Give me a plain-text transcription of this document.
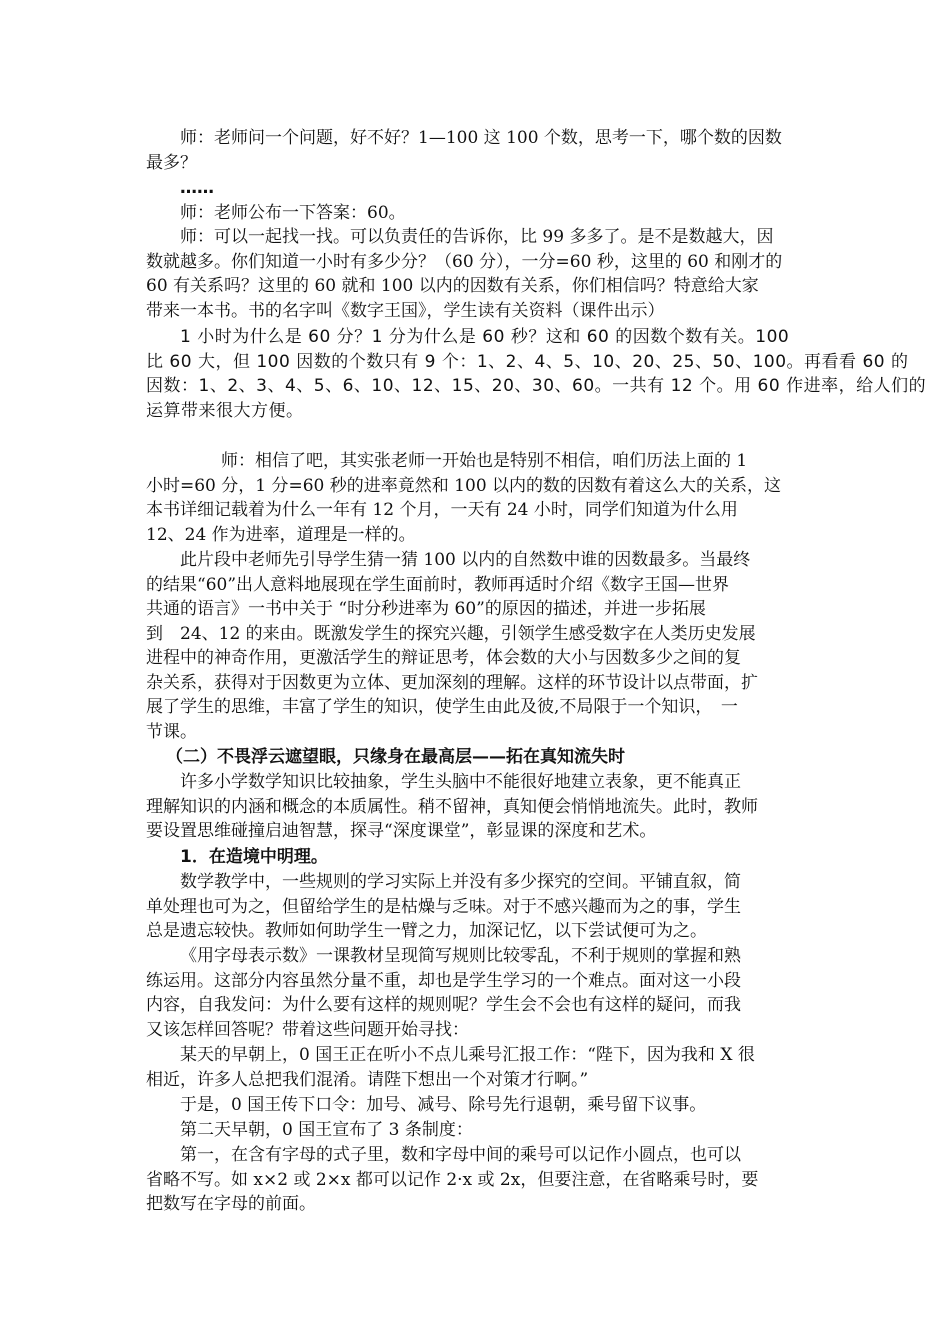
师：老师问一个问题，好不好？1—100 这 100 个数，思考一下，哪个数的因数
最多？

……

师：老师公布一下答案：60。

师：可以一起找一找。可以负责任的告诉你，比 99 多多了。是不是数越大，因
数就越多。你们知道一小时有多少分？（60 分），一分=60 秒，这里的 60 和刚才的
60 有关系吗？这里的 60 就和 100 以内的因数有关系，你们相信吗？特意给大家
带来一本书。书的名字叫《数字王国》，学生读有关资料（课件出示）

1 小时为什么是 60 分？1 分为什么是 60 秒？这和 60 的因数个数有关。100
比 60 大，但 100 因数的个数只有 9 个：1、2、4、5、10、20、25、50、100。再看看 60 的
因数：1、2、3、4、5、6、10、12、15、20、30、60。一共有 12 个。用 60 作进率，给人们的
运算带来很大方便。

师：相信了吧，其实张老师一开始也是特别不相信，咱们历法上面的 1
小时=60 分，1 分=60 秒的进率竟然和 100 以内的数的因数有着这么大的关系，这
本书详细记载着为什么一年有 12 个月，一天有 24 小时，同学们知道为什么用
12、24 作为进率，道理是一样的。

此片段中老师先引导学生猜一猜 100 以内的自然数中谁的因数最多。当最终
的结果“60”出人意料地展现在学生面前时，教师再适时介绍《数字王国—世界
共通的语言》一书中关于 “时分秒进率为 60”的原因的描述，并进一步拓展
到　24、12 的来由。既激发学生的探究兴趣，引领学生感受数字在人类历史发展
进程中的神奇作用，更激活学生的辩证思考，体会数的大小与因数多少之间的复
杂关系，获得对于因数更为立体、更加深刻的理解。这样的环节设计以点带面，扩
展了学生的思维，丰富了学生的知识，使学生由此及彼,不局限于一个知识，　一
节课。

（二）不畏浮云遮望眼，只缘身在最高层——拓在真知流失时

许多小学数学知识比较抽象，学生头脑中不能很好地建立表象，更不能真正
理解知识的内涵和概念的本质属性。稍不留神，真知便会悄悄地流失。此时，教师
要设置思维碰撞启迪智慧，探寻“深度课堂”，彰显课的深度和艺术。

1．在造境中明理。

数学教学中，一些规则的学习实际上并没有多少探究的空间。平铺直叙，简
单处理也可为之，但留给学生的是枯燥与乏味。对于不感兴趣而为之的事，学生
总是遗忘较快。教师如何助学生一臂之力，加深记忆，以下尝试便可为之。

《用字母表示数》一课教材呈现简写规则比较零乱，不利于规则的掌握和熟
练运用。这部分内容虽然分量不重，却也是学生学习的一个难点。面对这一小段
内容，自我发问：为什么要有这样的规则呢？学生会不会也有这样的疑问，而我
又该怎样回答呢？带着这些问题开始寻找：

某天的早朝上，0 国王正在听小不点儿乘号汇报工作：“陛下，因为我和 X 很
相近，许多人总把我们混淆。请陛下想出一个对策才行啊。”

于是，0 国王传下口令：加号、减号、除号先行退朝，乘号留下议事。

第二天早朝，0 国王宣布了 3 条制度：

第一，在含有字母的式子里，数和字母中间的乘号可以记作小圆点，也可以
省略不写。如 x×2 或 2×x 都可以记作 2·x 或 2x，但要注意，在省略乘号时，要
把数写在字母的前面。
